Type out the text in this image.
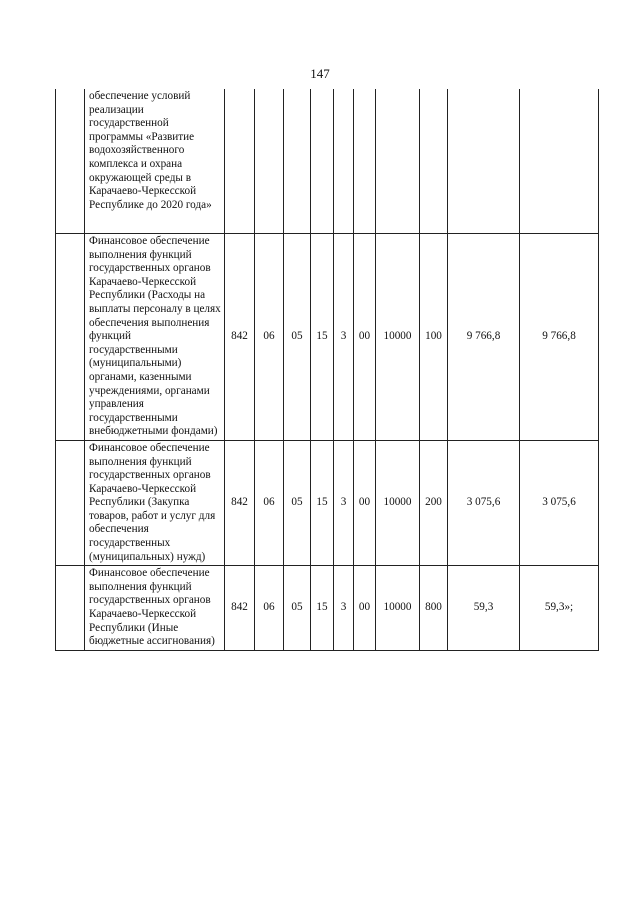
147
	обеспечение условий реализации государственной программы «Развитие водохозяйственного комплекса и охрана окружающей среды в Карачаево-Черкесской Республике до 2020 года»										
	Финансовое обеспечение выполнения функций государственных органов Карачаево-Черкесской Республики (Расходы на выплаты персоналу в целях обеспечения выполнения функций государственными (муниципальными) органами, казенными учреждениями, органами управления государственными внебюджетными фондами)	842	06	05	15	3	00	10000	100	9 766,8	9 766,8
	Финансовое обеспечение выполнения функций государственных органов Карачаево-Черкесской Республики (Закупка товаров, работ и услуг для обеспечения государственных (муниципальных) нужд)	842	06	05	15	3	00	10000	200	3 075,6	3 075,6
	Финансовое обеспечение выполнения функций государственных органов Карачаево-Черкесской Республики (Иные бюджетные ассигнования)	842	06	05	15	3	00	10000	800	59,3	59,3»;
